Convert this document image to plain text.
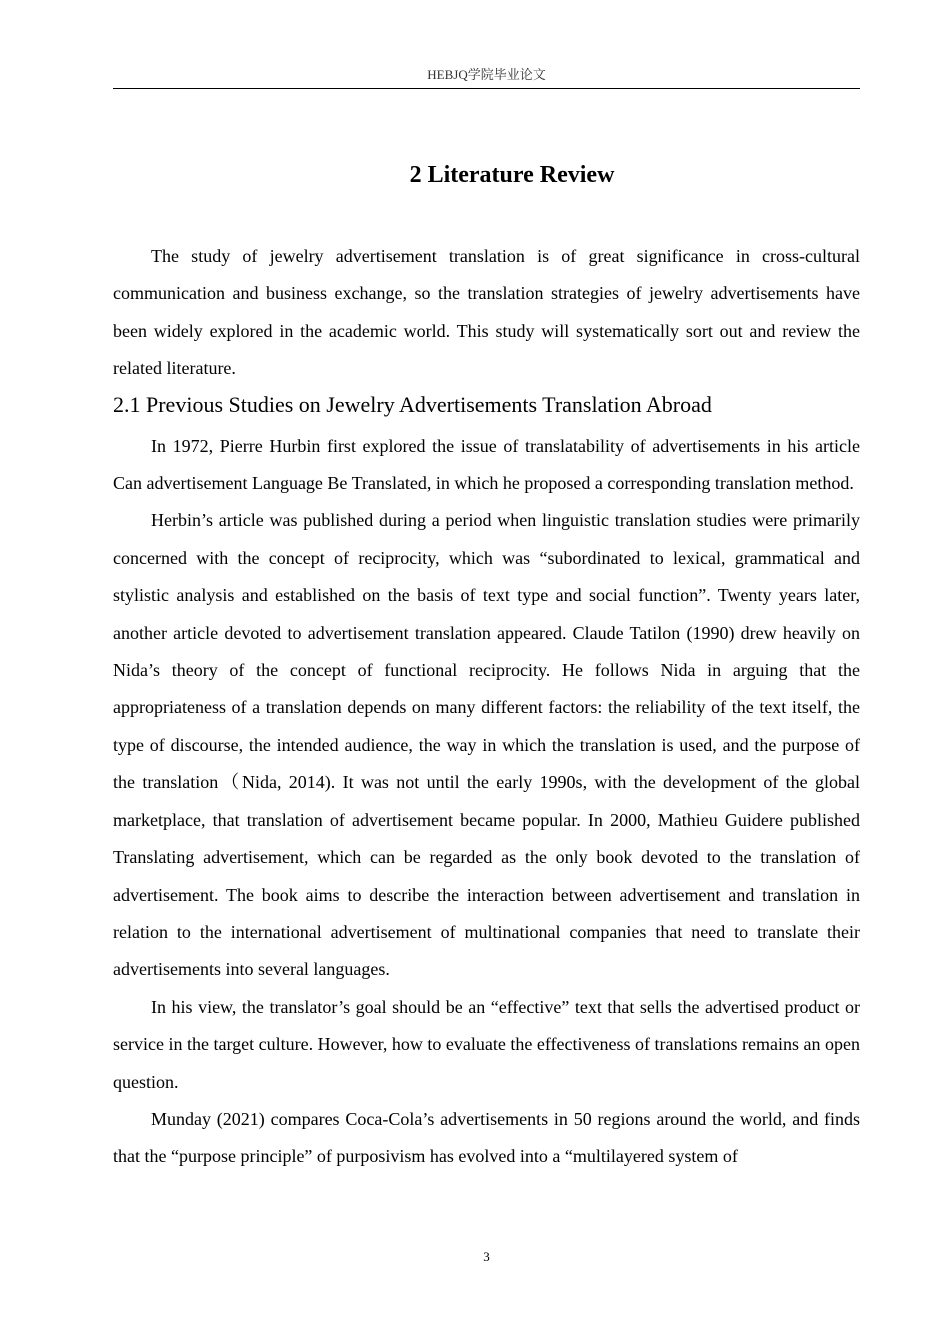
HEBJQ学院毕业论文
2 Literature Review

The study of jewelry advertisement translation is of great significance in cross-cultural communication and business exchange, so the translation strategies of jewelry advertisements have been widely explored in the academic world. This study will systematically sort out and review the related literature.

2.1 Previous Studies on Jewelry Advertisements Translation Abroad

In 1972, Pierre Hurbin first explored the issue of translatability of advertisements in his article Can advertisement Language Be Translated, in which he proposed a corresponding translation method.

Herbin’s article was published during a period when linguistic translation studies were primarily concerned with the concept of reciprocity, which was “subordinated to lexical, grammatical and stylistic analysis and established on the basis of text type and social function”. Twenty years later, another article devoted to advertisement translation appeared. Claude Tatilon (1990) drew heavily on Nida’s theory of the concept of functional reciprocity. He follows Nida in arguing that the appropriateness of a translation depends on many different factors: the reliability of the text itself, the type of discourse, the intended audience, the way in which the translation is used, and the purpose of the translation（Nida, 2014). It was not until the early 1990s, with the development of the global marketplace, that translation of advertisement became popular. In 2000, Mathieu Guidere published Translating advertisement, which can be regarded as the only book devoted to the translation of advertisement. The book aims to describe the interaction between advertisement and translation in relation to the international advertisement of multinational companies that need to translate their advertisements into several languages.

In his view, the translator’s goal should be an “effective” text that sells the advertised product or service in the target culture. However, how to evaluate the effectiveness of translations remains an open question.

Munday (2021) compares Coca-Cola’s advertisements in 50 regions around the world, and finds that the “purpose principle” of purposivism has evolved into a “multilayered system of

3
